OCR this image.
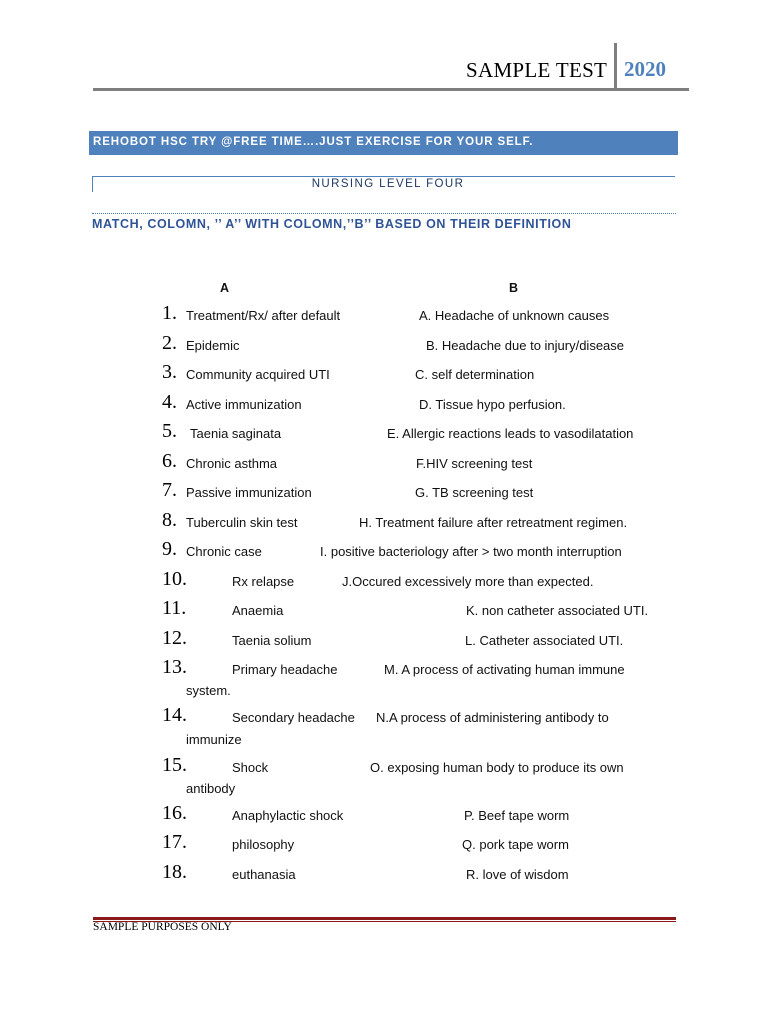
SAMPLE TEST 2020
REHOBOT HSC TRY @FREE TIME….JUST EXERCISE FOR YOUR SELF.
NURSING LEVEL FOUR
MATCH, COLOMN, ’’ A’’ WITH COLOMN,’’B’’ BASED ON THEIR DEFINITION
A	B
1. Treatment/Rx/ after default	A. Headache of unknown causes
2. Epidemic	B. Headache due to injury/disease
3. Community acquired UTI	C. self determination
4. Active immunization	D. Tissue hypo perfusion.
5. Taenia saginata	E. Allergic reactions leads to vasodilatation
6. Chronic asthma	F.HIV screening test
7. Passive immunization	G. TB screening test
8. Tuberculin skin test	H. Treatment failure after retreatment regimen.
9. Chronic case	I. positive bacteriology after > two month interruption
10.	Rx relapse	J.Occured excessively more than expected.
11.	Anaemia	K. non catheter associated UTI.
12.	Taenia solium	L. Catheter associated UTI.
13.	Primary headache	M. A process of activating human immune
system.
14.	Secondary headache N.A process of administering antibody to
immunize
15.	Shock	O. exposing human body to produce its own
antibody
16.	Anaphylactic shock	P. Beef tape worm
17.	philosophy	Q. pork tape worm
18.	euthanasia	R. love of wisdom
SAMPLE PURPOSES ONLY
